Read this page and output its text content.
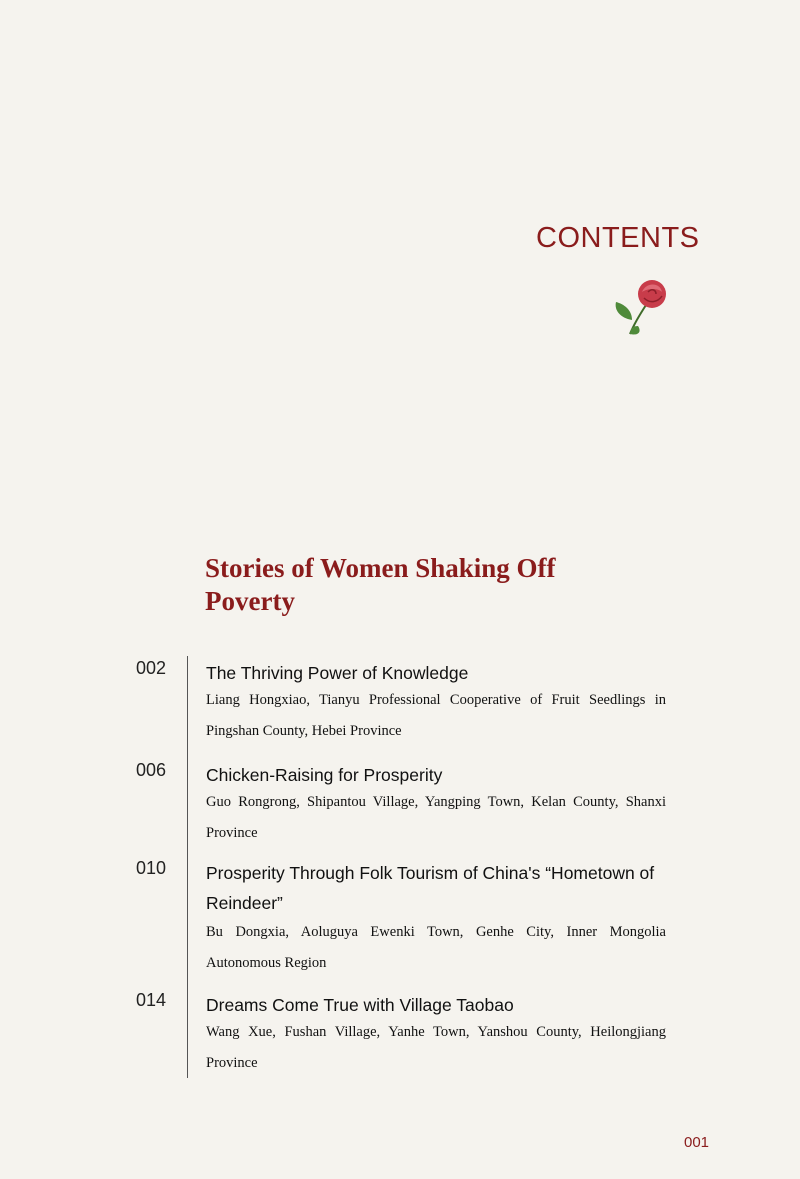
CONTENTS
Stories of Women Shaking Off Poverty
002 The Thriving Power of Knowledge
Liang Hongxiao, Tianyu Professional Cooperative of Fruit Seedlings in Pingshan County, Hebei Province
006 Chicken-Raising for Prosperity
Guo Rongrong, Shipantou Village, Yangping Town, Kelan County, Shanxi Province
010 Prosperity Through Folk Tourism of China's “Hometown of Reindeer”
Bu Dongxia, Aoluguya Ewenki Town, Genhe City, Inner Mongolia Autonomous Region
014 Dreams Come True with Village Taobao
Wang Xue, Fushan Village, Yanhe Town, Yanshou County, Heilongjiang Province
001
